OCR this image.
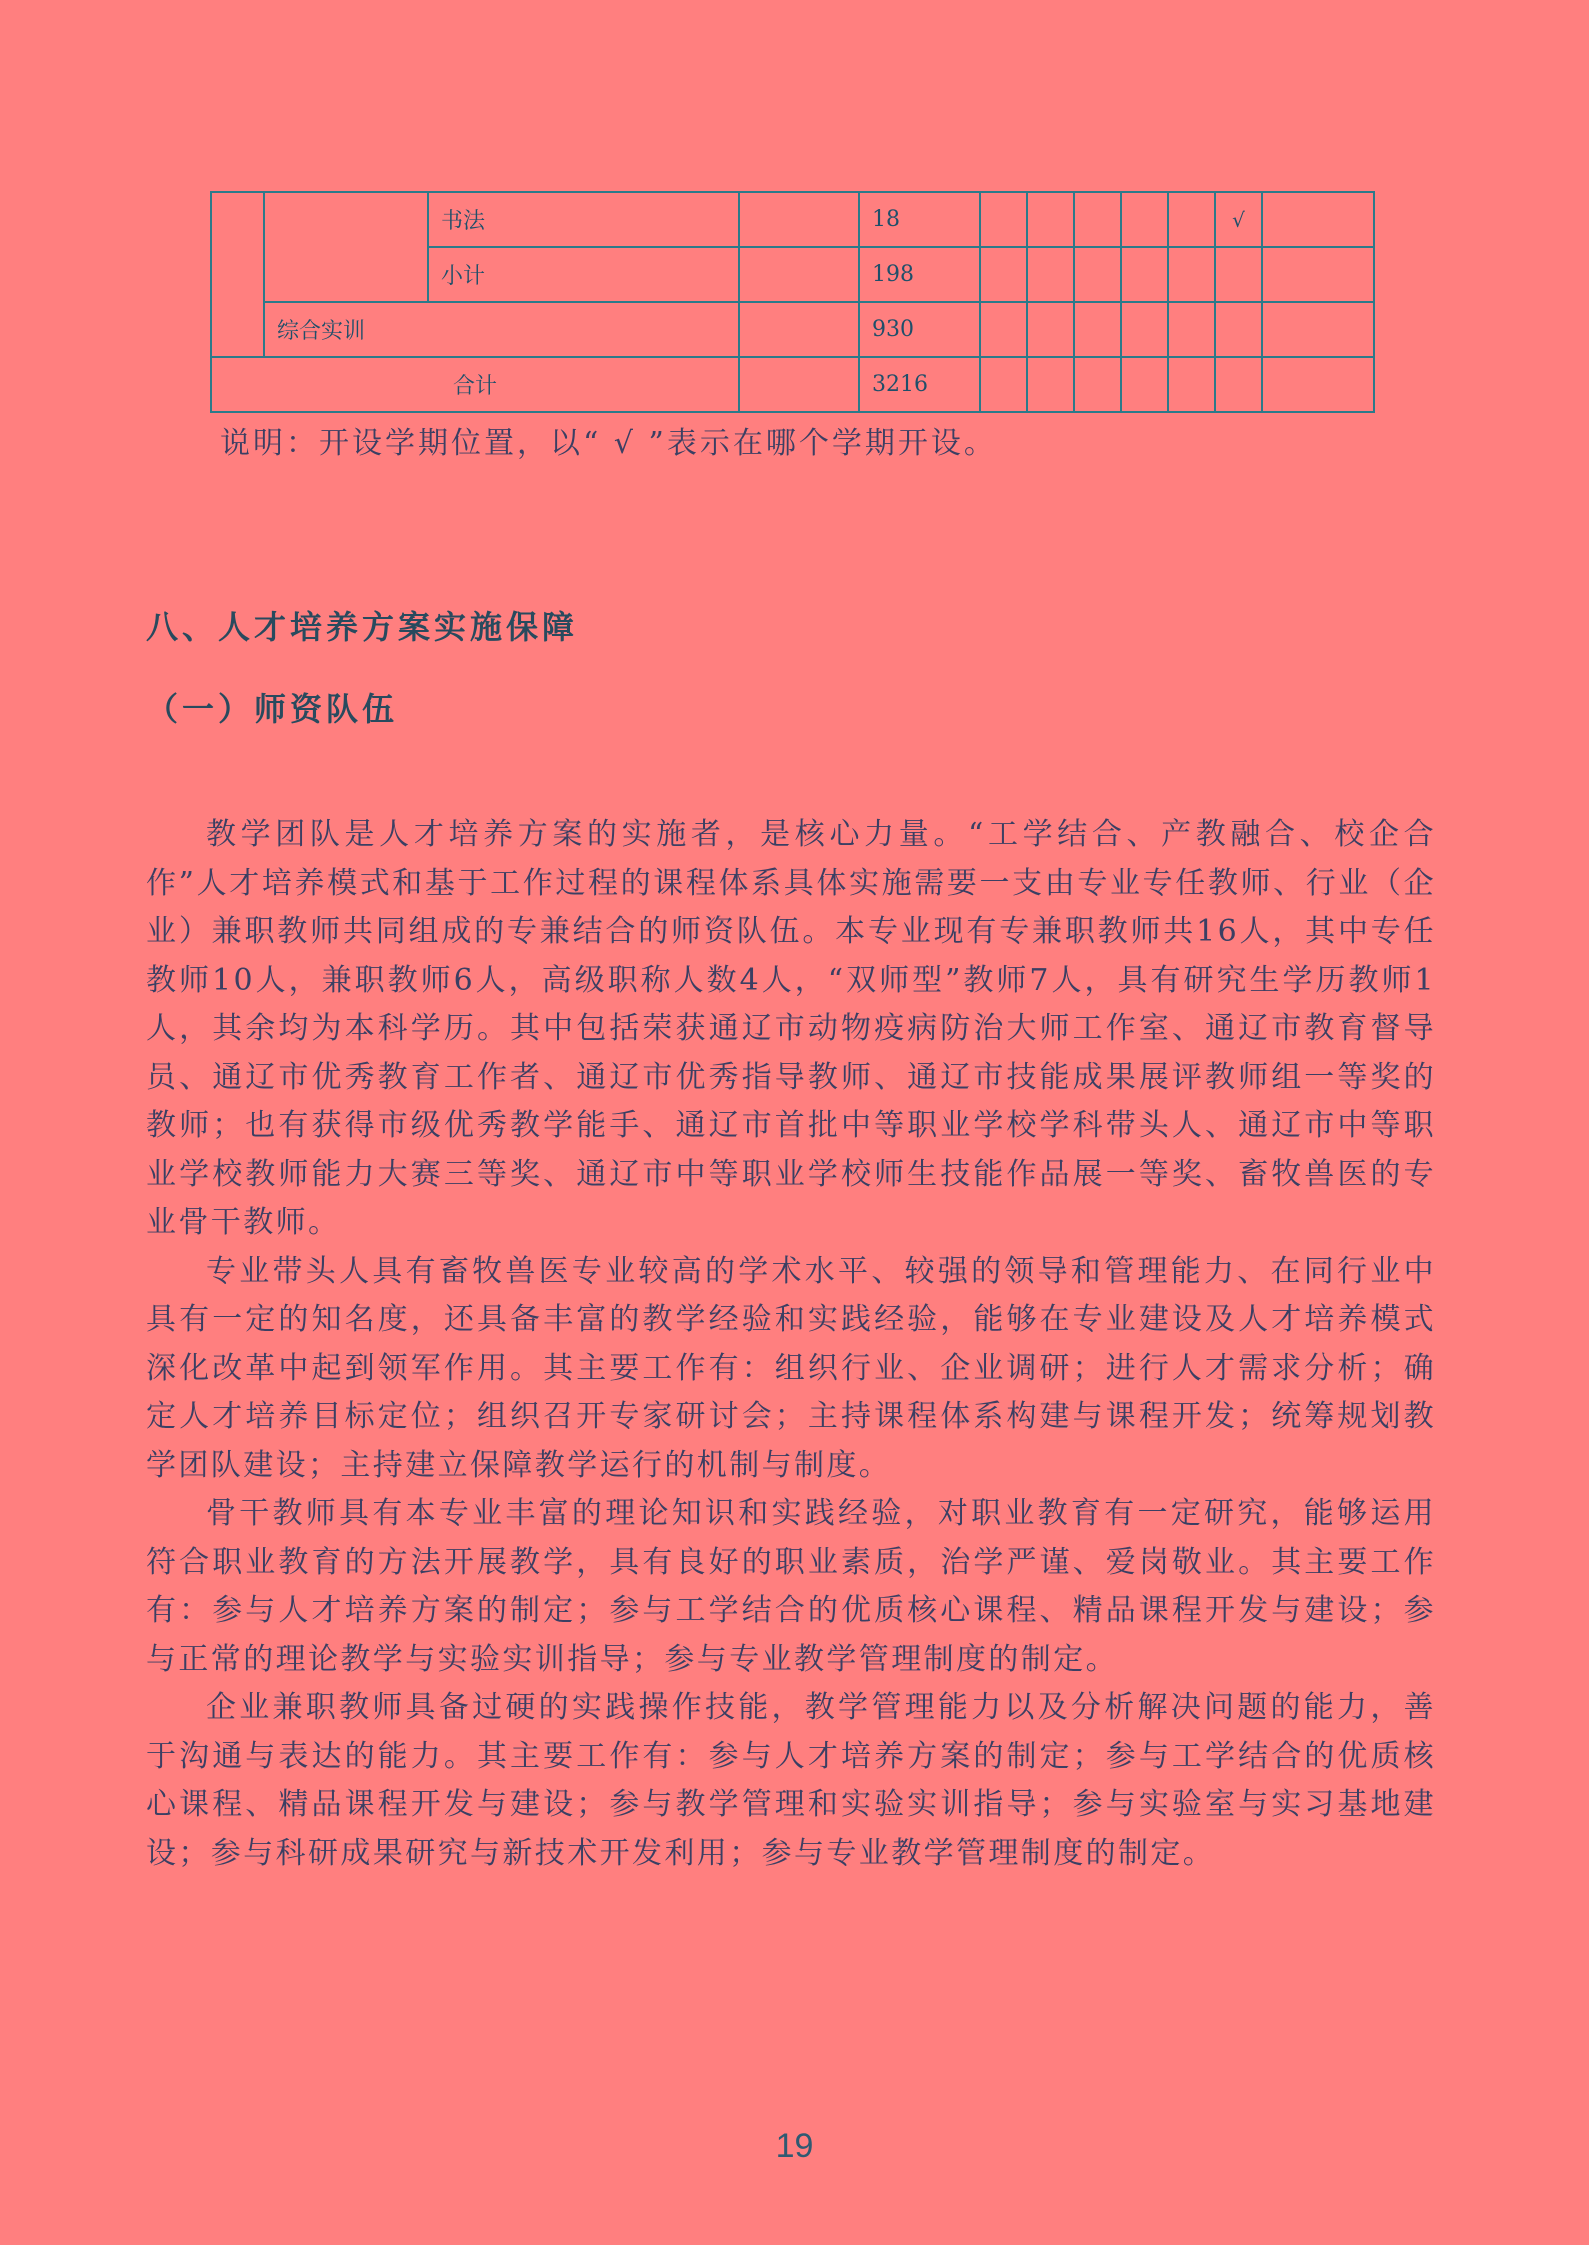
		书法		18						√	
		小计		198							
	综合实训			930							
合计				3216							
说明：开设学期位置，以“ √ ”表示在哪个学期开设。
八、人才培养方案实施保障
（一）师资队伍

教学团队是人才培养方案的实施者，是核心力量。“工学结合、产教融合、校企合作”人才培养模式和基于工作过程的课程体系具体实施需要一支由专业专任教师、行业（企业）兼职教师共同组成的专兼结合的师资队伍。本专业现有专兼职教师共16人，其中专任教师10人，兼职教师6人，高级职称人数4人，“双师型”教师7人，具有研究生学历教师1人，其余均为本科学历。其中包括荣获通辽市动物疫病防治大师工作室、通辽市教育督导员、通辽市优秀教育工作者、通辽市优秀指导教师、通辽市技能成果展评教师组一等奖的教师；也有获得市级优秀教学能手、通辽市首批中等职业学校学科带头人、通辽市中等职业学校教师能力大赛三等奖、通辽市中等职业学校师生技能作品展一等奖、畜牧兽医的专业骨干教师。

专业带头人具有畜牧兽医专业较高的学术水平、较强的领导和管理能力、在同行业中具有一定的知名度，还具备丰富的教学经验和实践经验，能够在专业建设及人才培养模式深化改革中起到领军作用。其主要工作有：组织行业、企业调研；进行人才需求分析；确定人才培养目标定位；组织召开专家研讨会；主持课程体系构建与课程开发；统筹规划教学团队建设；主持建立保障教学运行的机制与制度。

骨干教师具有本专业丰富的理论知识和实践经验，对职业教育有一定研究，能够运用符合职业教育的方法开展教学，具有良好的职业素质，治学严谨、爱岗敬业。其主要工作有：参与人才培养方案的制定；参与工学结合的优质核心课程、精品课程开发与建设；参与正常的理论教学与实验实训指导；参与专业教学管理制度的制定。

企业兼职教师具备过硬的实践操作技能，教学管理能力以及分析解决问题的能力，善于沟通与表达的能力。其主要工作有：参与人才培养方案的制定；参与工学结合的优质核心课程、精品课程开发与建设；参与教学管理和实验实训指导；参与实验室与实习基地建设；参与科研成果研究与新技术开发利用；参与专业教学管理制度的制定。

19
